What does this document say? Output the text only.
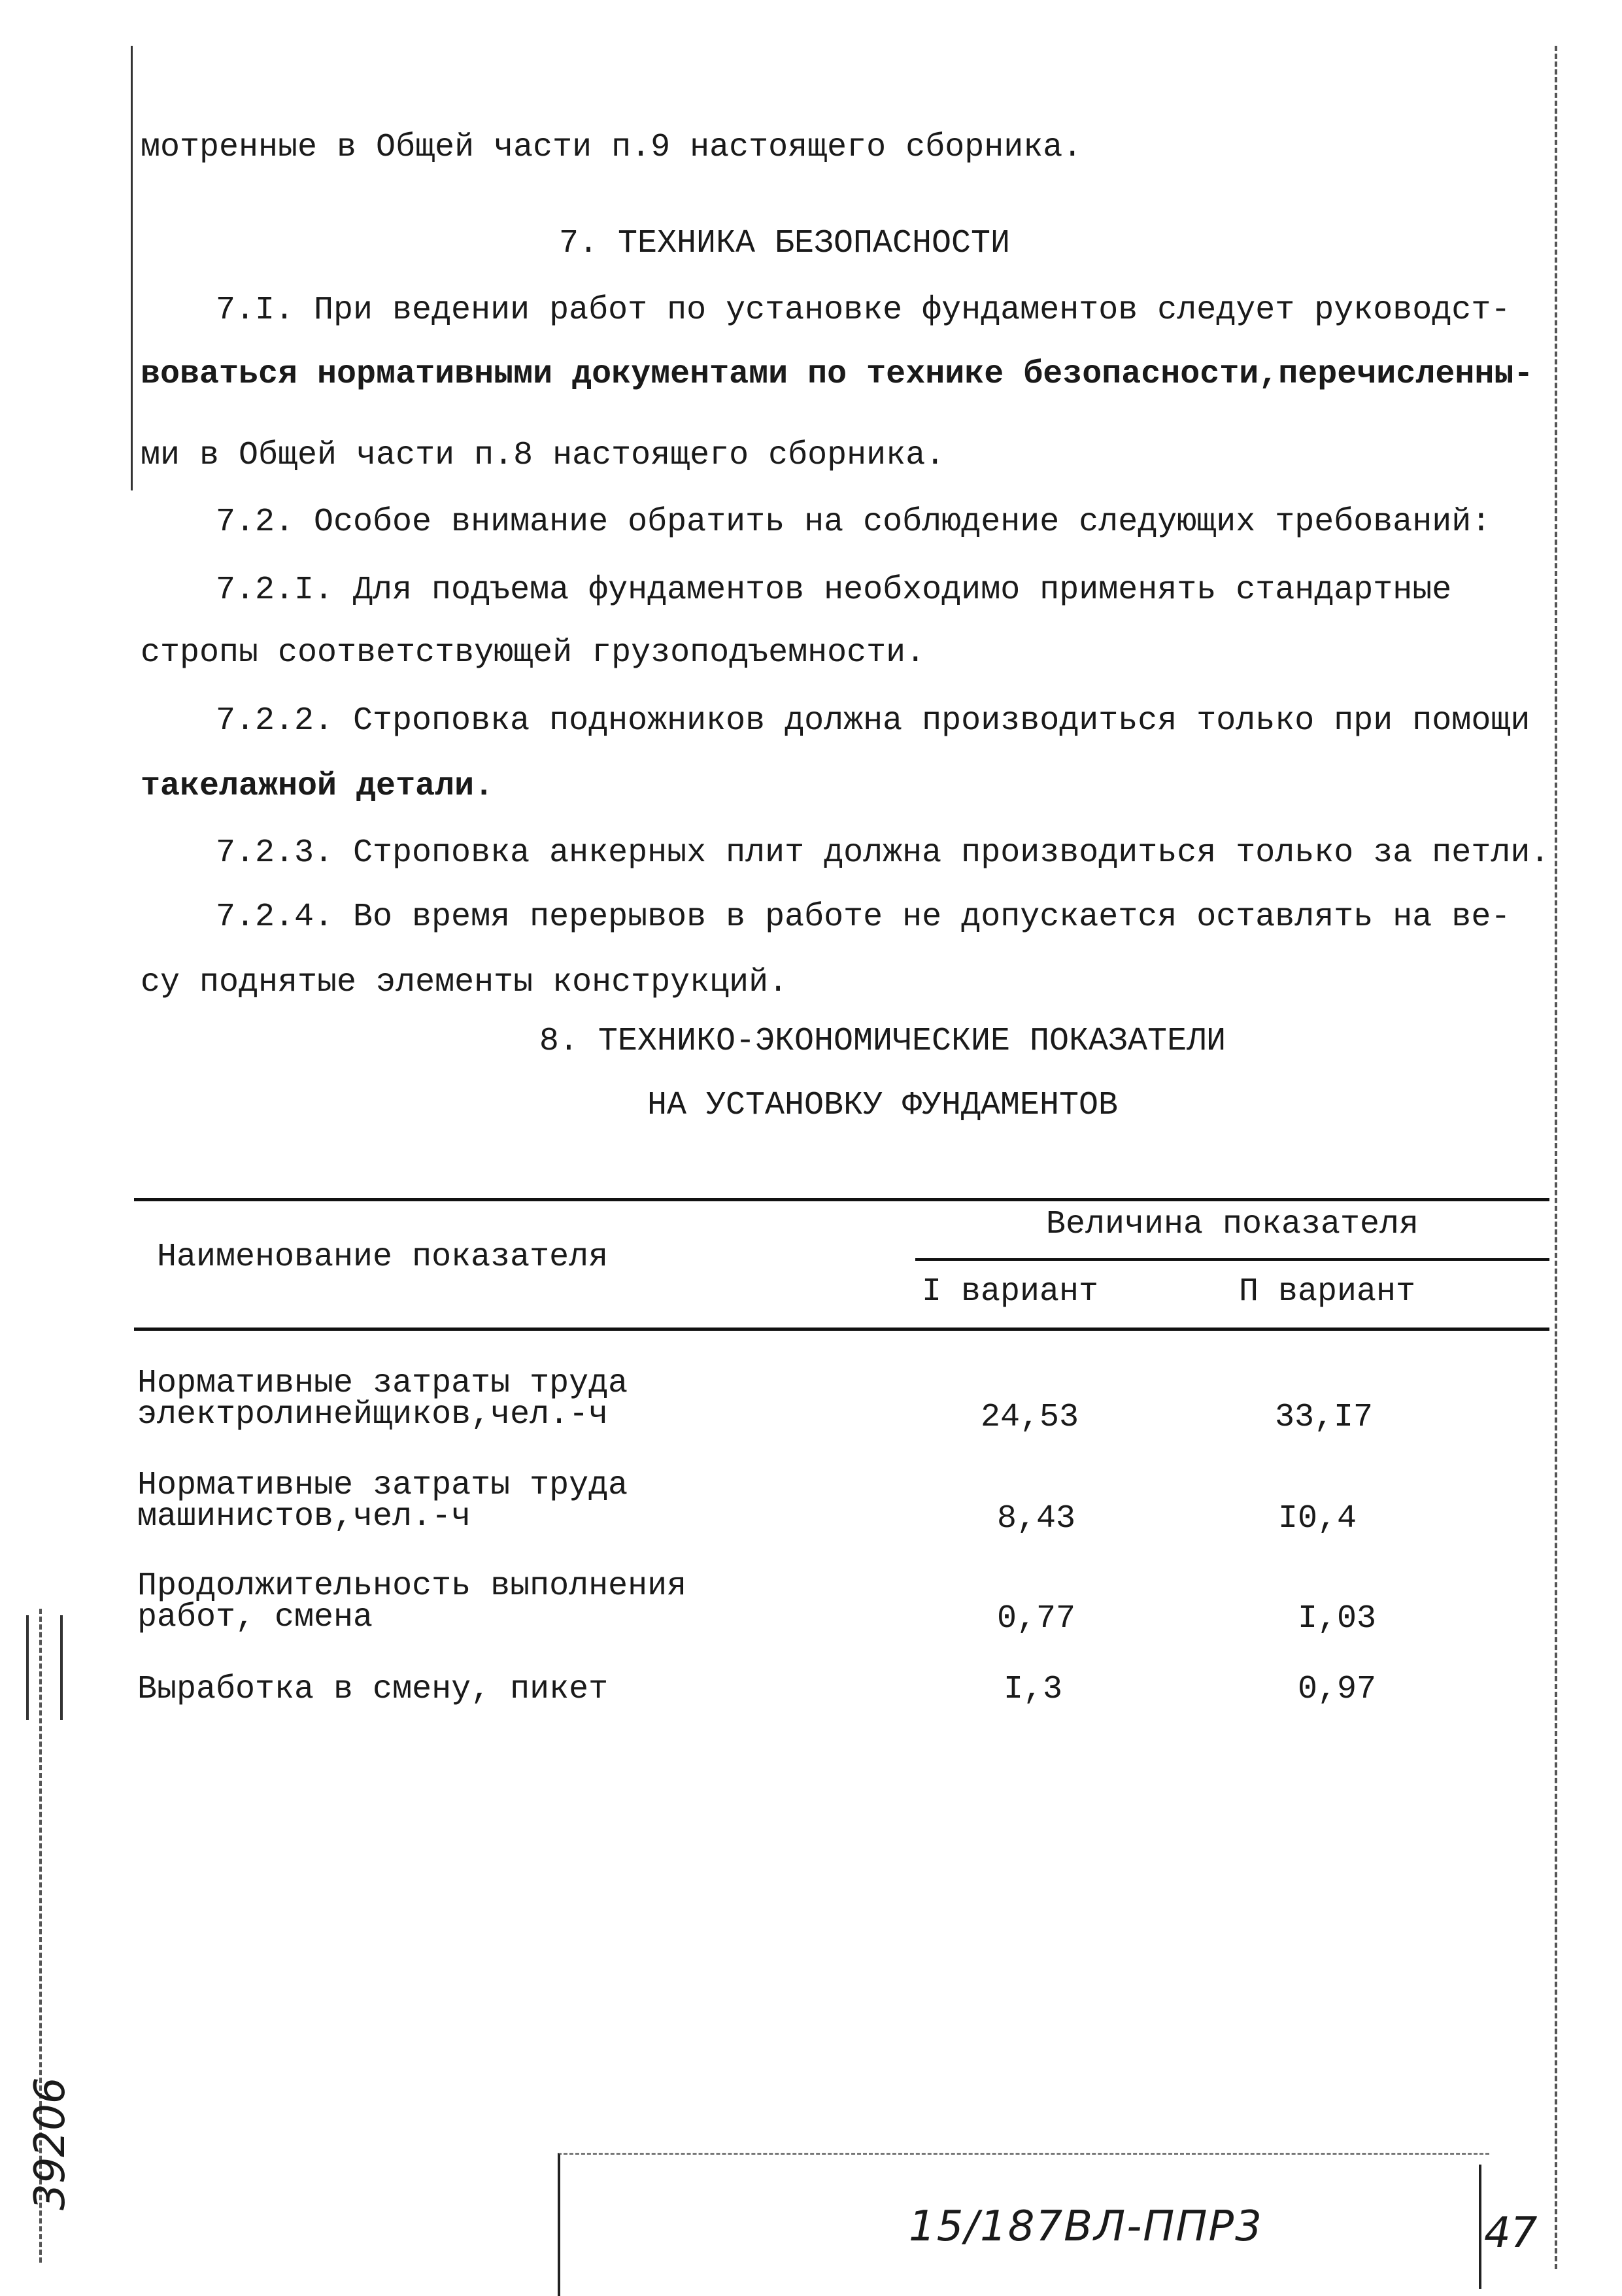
мотренные в Общей части п.9 настоящего сборника.
7. ТЕХНИКА БЕЗОПАСНОСТИ
7.I. При ведении работ по установке фундаментов следует руководст-
воваться нормативными документами по технике безопасности,перечисленны-
ми в Общей части п.8 настоящего сборника.
7.2. Особое внимание обратить на соблюдение следующих требований:
7.2.I. Для подъема фундаментов необходимо применять стандартные
стропы соответствующей грузоподъемности.
7.2.2. Строповка подножников должна производиться только при помощи
такелажной детали.
7.2.3. Строповка анкерных плит должна производиться только за петли.
7.2.4. Во время перерывов в работе не допускается оставлять на ве-
су поднятые элементы конструкций.
8. ТЕХНИКО-ЭКОНОМИЧЕСКИЕ ПОКАЗАТЕЛИ
НА УСТАНОВКУ ФУНДАМЕНТОВ
Наименование показателя
Величина показателя
I вариант	П вариант
Нормативные затраты труда
электролинейщиков,чел.-ч	24,53	33,I7
Нормативные затраты труда
машинистов,чел.-ч	8,43	I0,4
Продолжительность выполнения
работ, смена	0,77	I,03
Выработка в смену, пикет	I,3	0,97
15/187ВЛ-ППР3	47
39206
